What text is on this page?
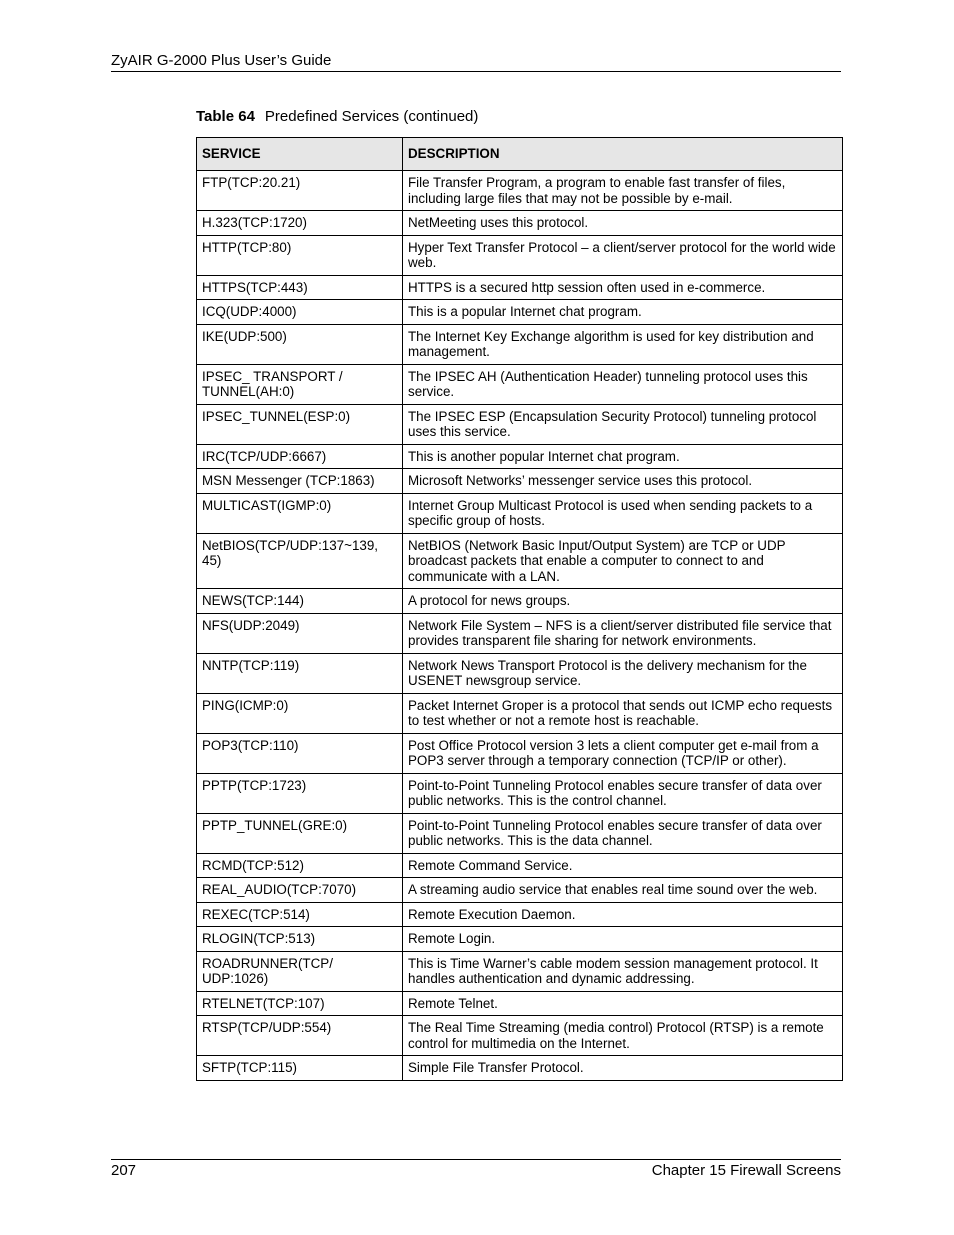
ZyAIR G-2000 Plus User’s Guide
Table 64 Predefined Services (continued)
SERVICE	DESCRIPTION
FTP(TCP:20.21)	File Transfer Program, a program to enable fast transfer of files, including large files that may not be possible by e-mail.
H.323(TCP:1720)	NetMeeting uses this protocol.
HTTP(TCP:80)	Hyper Text Transfer Protocol – a client/server protocol for the world wide web.
HTTPS(TCP:443)	HTTPS is a secured http session often used in e-commerce.
ICQ(UDP:4000)	This is a popular Internet chat program.
IKE(UDP:500)	The Internet Key Exchange algorithm is used for key distribution and management.
IPSEC_ TRANSPORT / TUNNEL(AH:0)	The IPSEC AH (Authentication Header) tunneling protocol uses this service.
IPSEC_TUNNEL(ESP:0)	The IPSEC ESP (Encapsulation Security Protocol) tunneling protocol uses this service.
IRC(TCP/UDP:6667)	This is another popular Internet chat program.
MSN Messenger (TCP:1863)	Microsoft Networks’ messenger service uses this protocol.
MULTICAST(IGMP:0)	Internet Group Multicast Protocol is used when sending packets to a specific group of hosts.
NetBIOS(TCP/UDP:137~139, 45)	NetBIOS (Network Basic Input/Output System) are TCP or UDP broadcast packets that enable a computer to connect to and communicate with a LAN.
NEWS(TCP:144)	A protocol for news groups.
NFS(UDP:2049)	Network File System – NFS is a client/server distributed file service that provides transparent file sharing for network environments.
NNTP(TCP:119)	Network News Transport Protocol is the delivery mechanism for the USENET newsgroup service.
PING(ICMP:0)	Packet Internet Groper is a protocol that sends out ICMP echo requests to test whether or not a remote host is reachable.
POP3(TCP:110)	Post Office Protocol version 3 lets a client computer get e-mail from a POP3 server through a temporary connection (TCP/IP or other).
PPTP(TCP:1723)	Point-to-Point Tunneling Protocol enables secure transfer of data over public networks. This is the control channel.
PPTP_TUNNEL(GRE:0)	Point-to-Point Tunneling Protocol enables secure transfer of data over public networks. This is the data channel.
RCMD(TCP:512)	Remote Command Service.
REAL_AUDIO(TCP:7070)	A streaming audio service that enables real time sound over the web.
REXEC(TCP:514)	Remote Execution Daemon.
RLOGIN(TCP:513)	Remote Login.
ROADRUNNER(TCP/ UDP:1026)	This is Time Warner’s cable modem session management protocol. It handles authentication and dynamic addressing.
RTELNET(TCP:107)	Remote Telnet.
RTSP(TCP/UDP:554)	The Real Time Streaming (media control) Protocol (RTSP) is a remote control for multimedia on the Internet.
SFTP(TCP:115)	Simple File Transfer Protocol.
207	Chapter 15 Firewall Screens
